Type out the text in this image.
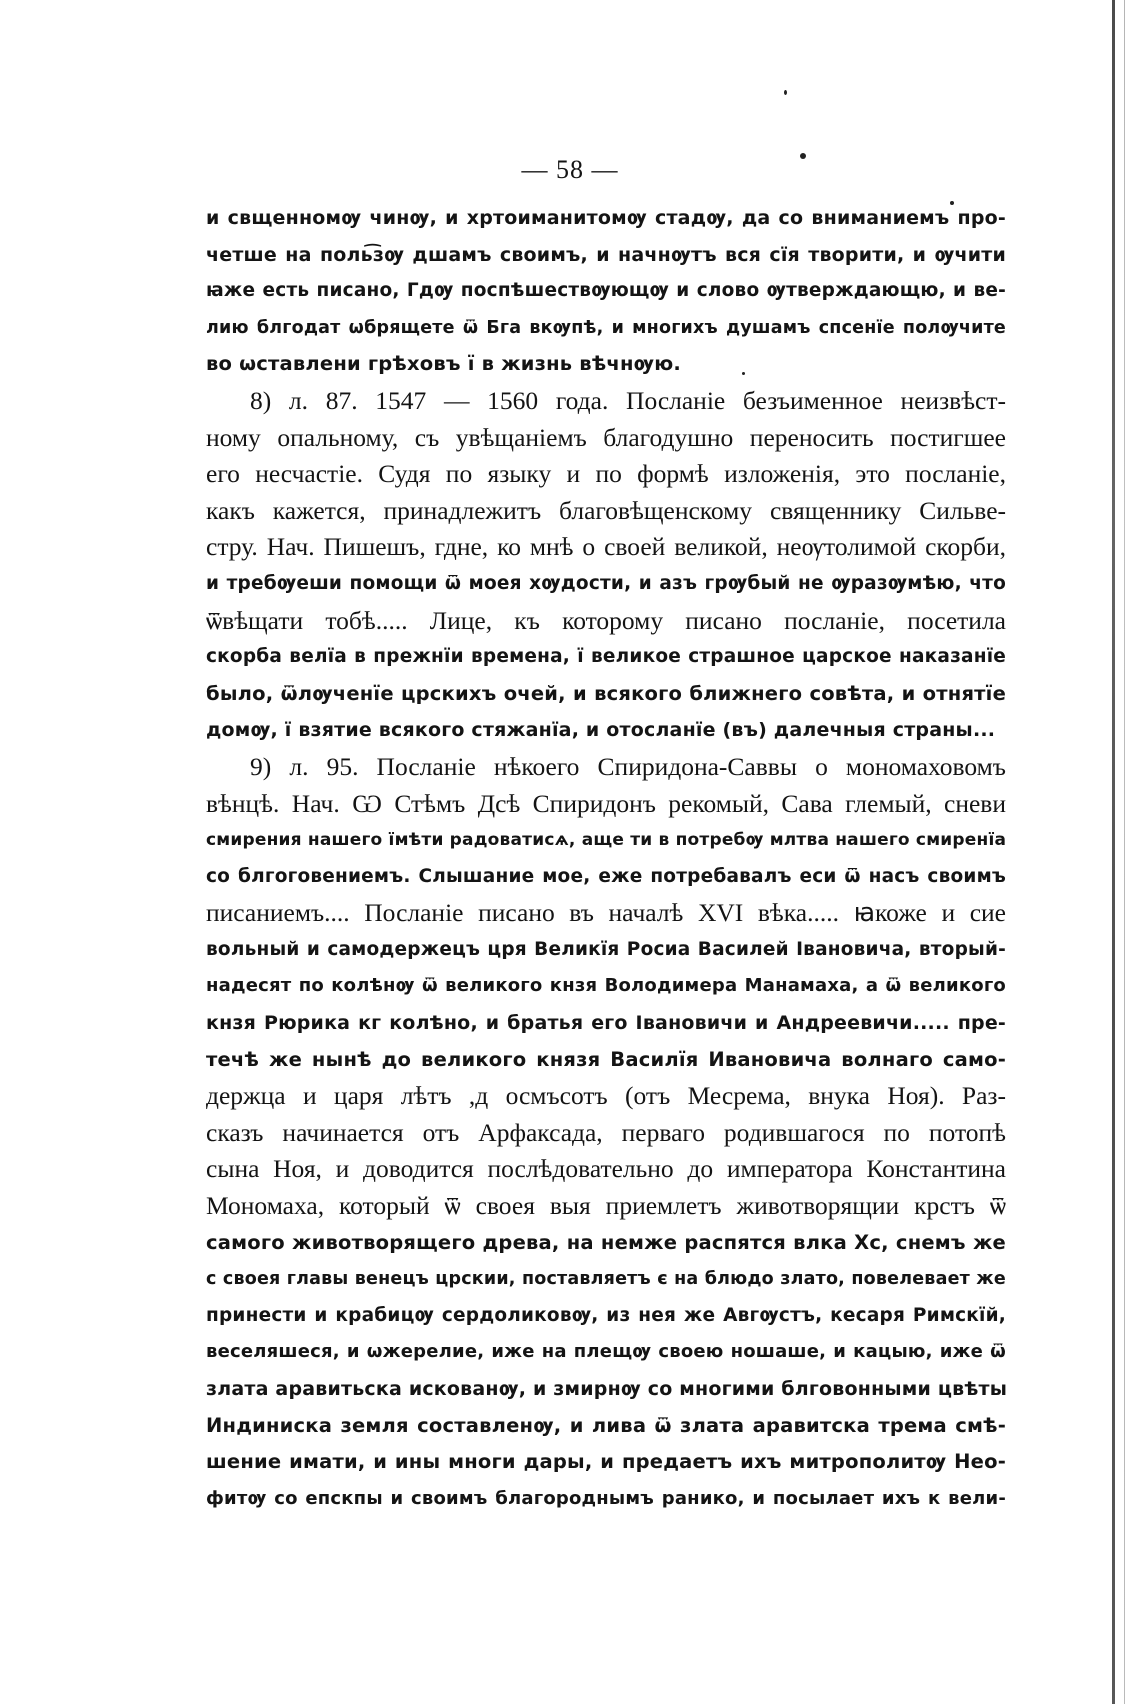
— 58 —
и свщенномѹ чинѹ, и хртоиманитомѹ стадѹ, да со вниманиемъ про-
четше на поль͡зѹ дшамъ своимъ, и начнѹтъ вся сїя творити, и ѹчити
ꙗже есть писано, Гдѹ поспѣшествѹющѹ и слово ѹтверждающю, и ве-
лию блгодат ѡбрящете ѿ Бга вкѹпѣ, и многихъ душамъ спсенїе полѹчите
во ѡставлени грѣховъ ї в жизнь вѣчнѹю.
8) л. 87. 1547 — 1560 года. Посланіе безъименное неизвѣст-
ному опальному, съ увѣщаніемъ благодушно переносить постигшее
его несчастіе. Судя по языку и по формѣ изложенія, это посланіе,
какъ кажется, принадлежитъ благовѣщенскому священнику Сильве-
стру. Нач. Пишешъ, гдне, ко мнѣ о своей великой, неѹтолимой скорби,
и требѹеши помощи ѿ моея хѹдости, и азъ грѹбый не ѹразѹмѣю, что
ѿвѣщати тобѣ..... Лице, къ которому писано посланіе, посетила
скорба велїа в прежнїи времена, ї великое страшное царское наказанїе
было, ѿлѹченїе црскихъ очей, и всякого ближнего совѣта, и отнятїе
домѹ, ї взятие всякого стяжанїа, и отосланїе (въ) далечныя страны...
9) л. 95. Посланіе нѣкоего Спиридона-Саввы о мономаховомъ
вѣнцѣ. Нач. Ѡ Стѣмъ Дсѣ Спиридонъ рекомый, Сава глемый, сневи
смирения нашего їмѣти радоватисѧ, аще ти в потребѹ млтва нашего смиренїа
со блгоговениемъ. Слышание мое, еже потребавалъ еси ѿ насъ своимъ
писаниемъ.... Посланіе писано въ началѣ XVI вѣка..... ꙗкоже и сие
вольный и самодержецъ цря Великїя Росиа Василей Івановича, вторый-
надесят по колѣнѹ ѿ великого кнзя Володимера Манамаха, а ѿ великого
кнзя Рюрика кг колѣно, и братья его Івановичи и Андреевичи..... пре-
течѣ же нынѣ до великого князя Василїя Ивановича волнаго само-
держца и царя лѣтъ ,д осмъсотъ (отъ Месрема, внука Ноя). Раз-
сказъ начинается отъ Арфаксада, перваго родившагося по потопѣ
сына Ноя, и доводится послѣдовательно до императора Константина
Мономаха, который ѿ своея выя приемлетъ животворящии крстъ ѿ
самого животворящего древа, на немже распятся влка Хс, снемъ же
с своея главы венецъ црскии, поставляетъ є на блюдо злато, повелевает же
принести и крабицѹ сердоликовѹ, из нея же Авгѹстъ, кесаря Римскїй,
веселяшеся, и ѡжерелие, иже на плещѹ своею ношаше, и кацыю, иже ѿ
злата аравитьска искованѹ, и змирнѹ со многими блговонными цвѣты
Индиниска земля составленѹ, и лива ѿ злата аравитска трема смѣ-
шение имати, и ины многи дары, и предаетъ ихъ митрополитѹ Нео-
фитѹ со епскпы и своимъ благороднымъ ранико, и посылает ихъ к вели-
